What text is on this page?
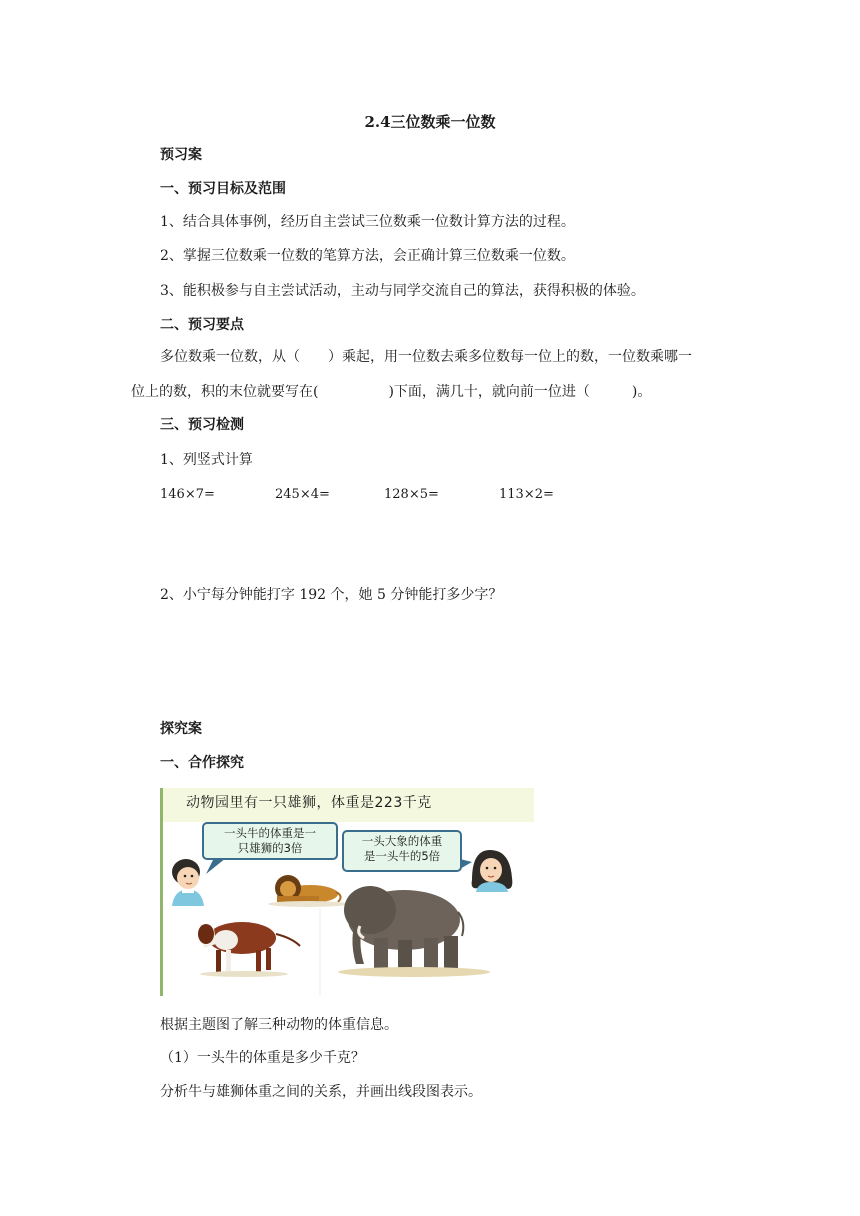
2.4三位数乘一位数
预习案
一、预习目标及范围
1、结合具体事例，经历自主尝试三位数乘一位数计算方法的过程。
2、掌握三位数乘一位数的笔算方法，会正确计算三位数乘一位数。
3、能积极参与自主尝试活动，主动与同学交流自己的算法，获得积极的体验。
二、预习要点
多位数乘一位数，从（　　）乘起，用一位数去乘多位数每一位上的数，一位数乘哪一
位上的数，积的末位就要写在(　　　　　)下面，满几十，就向前一位进（　　　)。
三、预习检测
1、列竖式计算
146×7=	245×4=	128×5=	113×2=
2、小宁每分钟能打字 192 个，她 5 分钟能打多少字？
探究案
一、合作探究
动物园里有一只雄狮，体重是223千克
一头牛的体重是一
只雄狮的3倍	一头大象的体重
是一头牛的5倍
根据主题图了解三种动物的体重信息。
（1）一头牛的体重是多少千克？
分析牛与雄狮体重之间的关系，并画出线段图表示。
